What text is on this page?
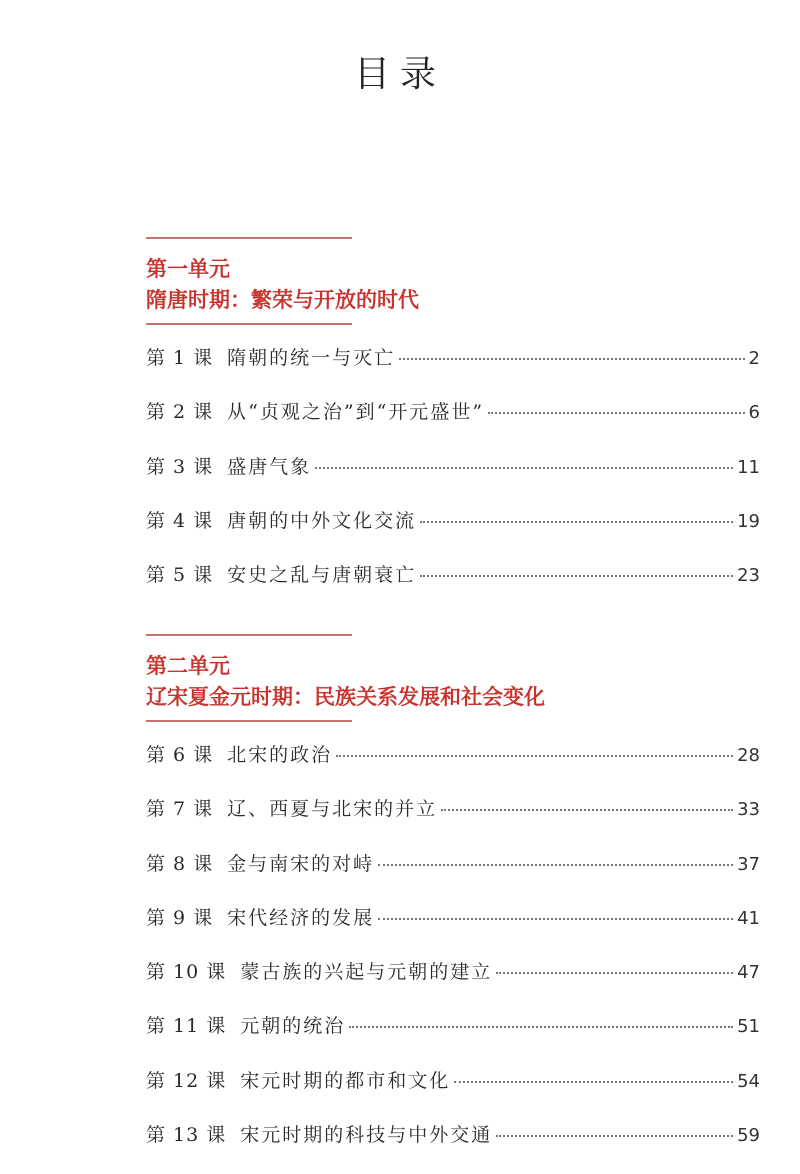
目录
第一单元
隋唐时期：繁荣与开放的时代
第 1 课 隋朝的统一与灭亡	2
第 2 课 从“贞观之治”到“开元盛世”	6
第 3 课 盛唐气象	11
第 4 课 唐朝的中外文化交流	19
第 5 课 安史之乱与唐朝衰亡	23
第二单元
辽宋夏金元时期：民族关系发展和社会变化
第 6 课 北宋的政治	28
第 7 课 辽、西夏与北宋的并立	33
第 8 课 金与南宋的对峙	37
第 9 课 宋代经济的发展	41
第 10 课 蒙古族的兴起与元朝的建立	47
第 11 课 元朝的统治	51
第 12 课 宋元时期的都市和文化	54
第 13 课 宋元时期的科技与中外交通	59
